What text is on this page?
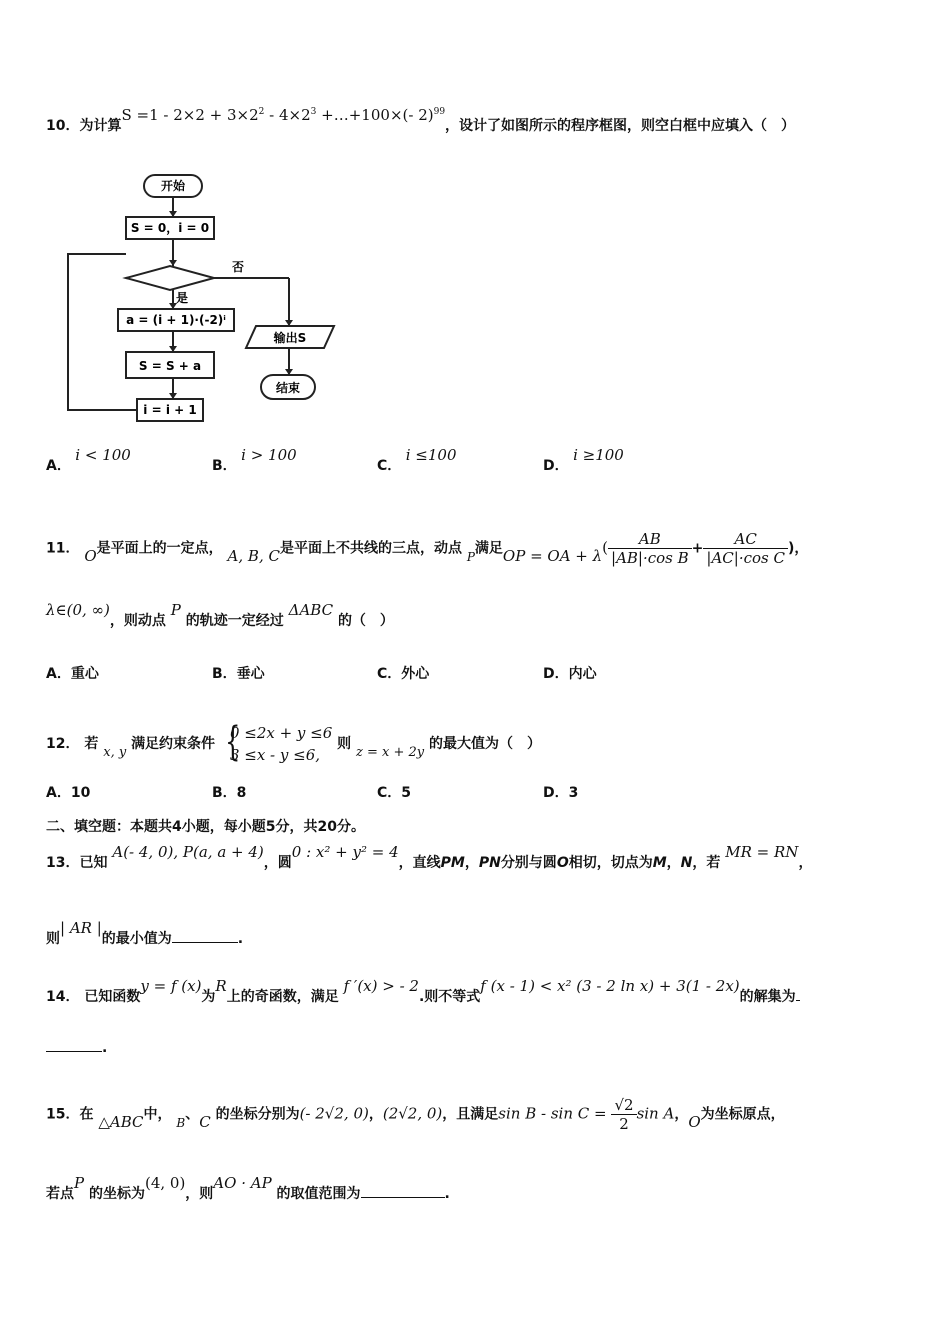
10．为计算$S =1 - 2\times 2 + 3\times 2^2 - 4\times 2^3$ +…+100×(- 2)$^{99}$，设计了如图所示的程序框图，则空白框中应填入（　）
开始
S = 0，i = 0
否
是
a = (i + 1)·(-2)ⁱ
S = S + a
i = i + 1
输出S
结束
A． i < 100
B． i > 100
C． i ≤100
D． i ≥100
11． O是平面上的一定点， A, B, C是平面上不共线的三点，动点 P满足OP = OA + $\lambda( \frac{AB}{\text{|AB|·cos B}} + \frac{AC}{\text{|AC|·cos C}}$ )，
λ∈(0, ∞)，则动点 P 的轨迹一定经过 ΔABC 的（　）
A．重心	B．垂心	C．外心	D．内心
12． 若 x, y 满足约束条件 {
0 ≤2x + y ≤6
3 ≤x - y ≤6,
则 z = x + 2y 的最大值为（　）
A．10	B．8	C．5	D．3
二、填空题：本题共4小题，每小题5分，共20分。
13．已知 A(- 4, 0), P(a, a + 4)，圆0 : x² + y² = 4，直线PM，PN分别与圆O相切，切点为M，N，若 MR = RN，
则| AR |的最小值为	.
14． 已知函数y = f (x)为R上的奇函数，满足 f ′(x) > - 2.则不等式f (x - 1) < x² (3 - 2 ln x) + 3(1 - 2x)的解集为
.
15．在 △ABC中， B、C 的坐标分别为(- 2√2, 0)，(2√2, 0)，且满足$\sin B - \sin C = \frac{√2}{2}$ sin A，O为坐标原点，
若点P 的坐标为(4, 0)，则AO · AP 的取值范围为	.
